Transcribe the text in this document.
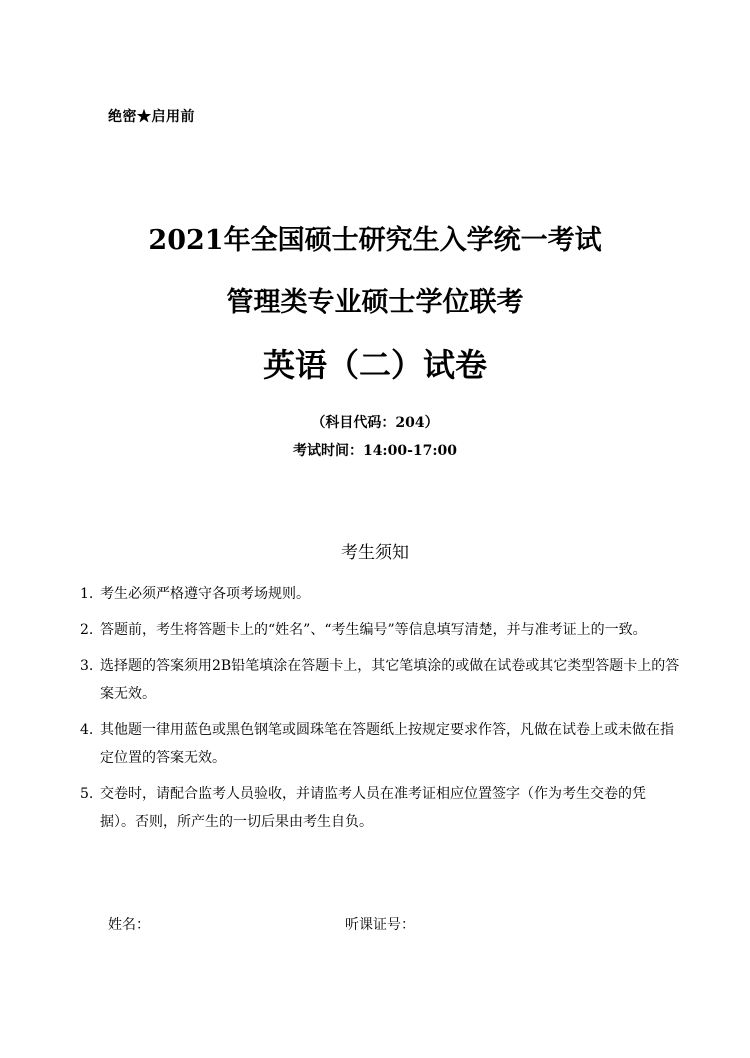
绝密★启用前
2021年全国硕士研究生入学统一考试
管理类专业硕士学位联考
英语（二）试卷
（科目代码：204）
考试时间：14:00-17:00
考生须知
1. 考生必须严格遵守各项考场规则。
2. 答题前，考生将答题卡上的“姓名”、“考生编号”等信息填写清楚，并与准考证上的一致。
3. 选择题的答案须用2B铅笔填涂在答题卡上，其它笔填涂的或做在试卷或其它类型答题卡上的答案无效。
4. 其他题一律用蓝色或黑色钢笔或圆珠笔在答题纸上按规定要求作答，凡做在试卷上或未做在指定位置的答案无效。
5. 交卷时，请配合监考人员验收，并请监考人员在准考证相应位置签字（作为考生交卷的凭据）。否则，所产生的一切后果由考生自负。
姓名：	听课证号：
